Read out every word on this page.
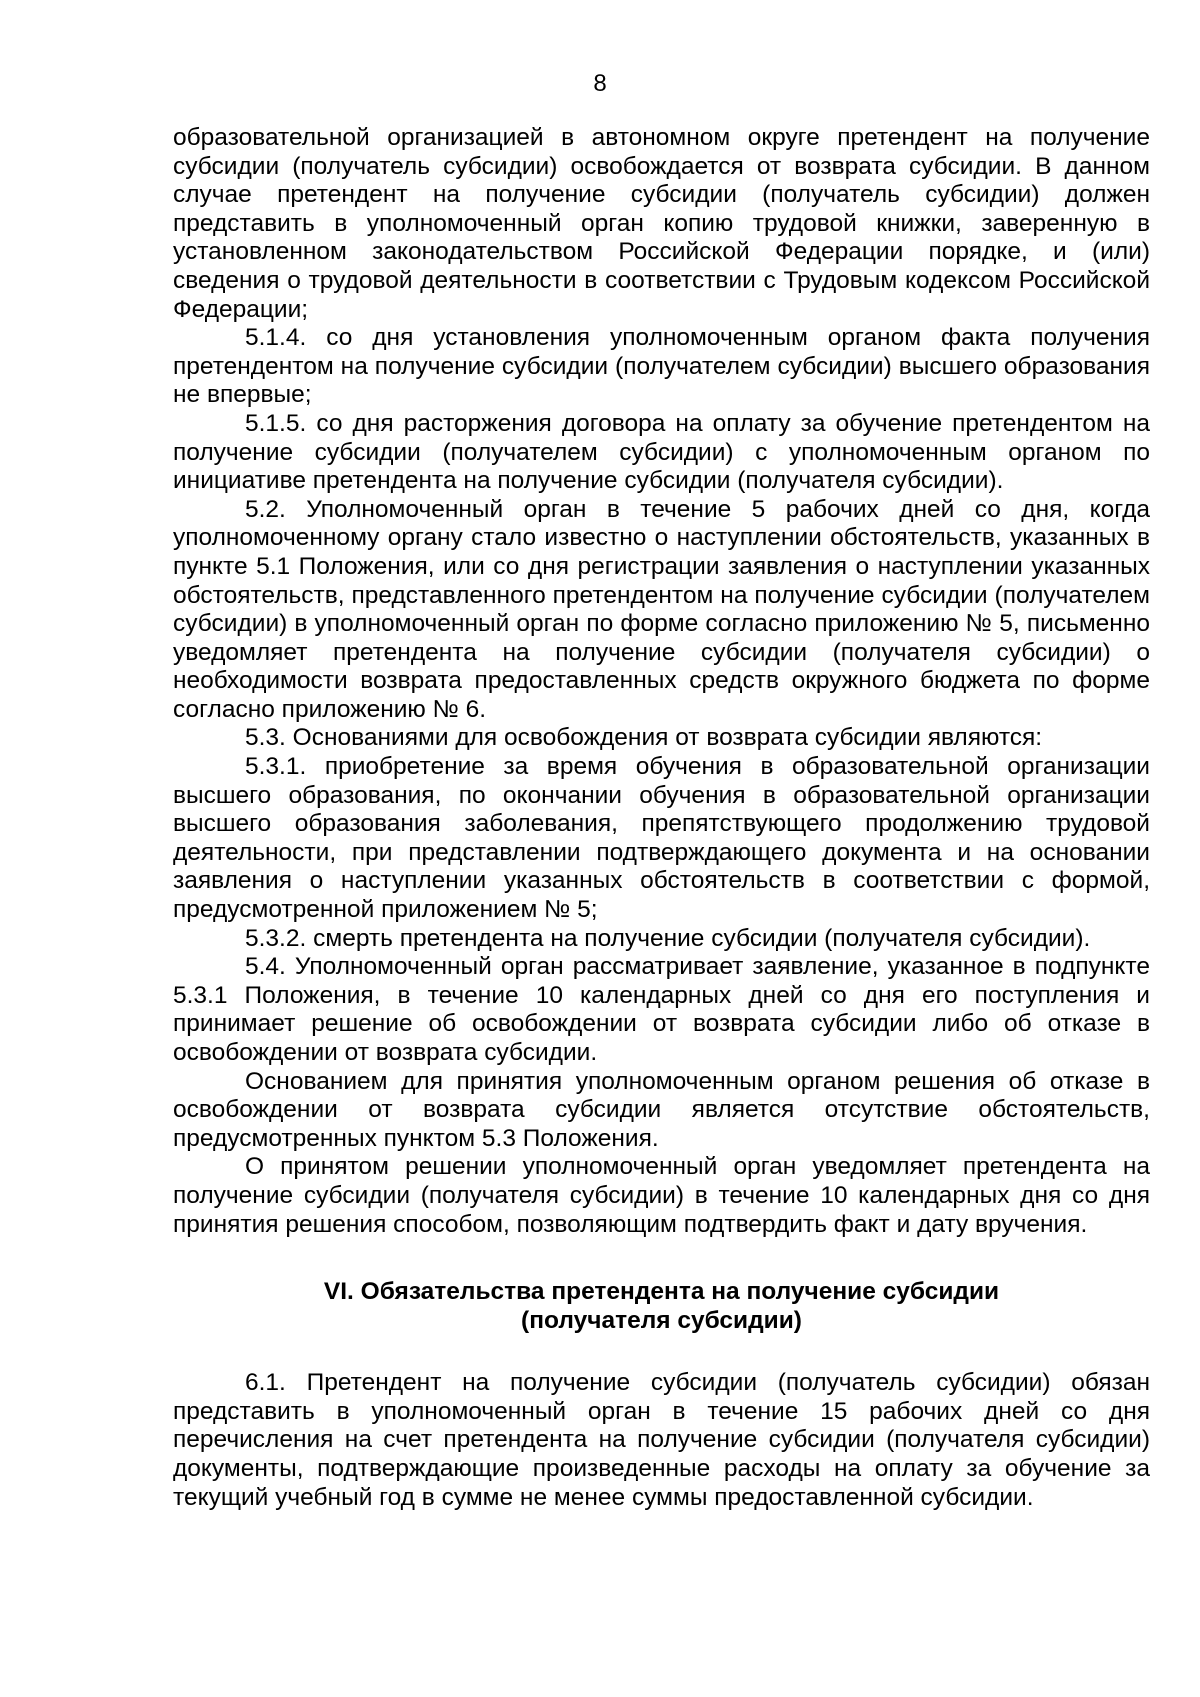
8

образовательной организацией в автономном округе претендент на получение субсидии (получатель субсидии) освобождается от возврата субсидии. В данном случае претендент на получение субсидии (получатель субсидии) должен представить в уполномоченный орган копию трудовой книжки, заверенную в установленном законодательством Российской Федерации порядке, и (или) сведения о трудовой деятельности в соответствии с Трудовым кодексом Российской Федерации;

5.1.4. со дня установления уполномоченным органом факта получения претендентом на получение субсидии (получателем субсидии) высшего образования не впервые;

5.1.5. со дня расторжения договора на оплату за обучение претендентом на получение субсидии (получателем субсидии) с уполномоченным органом по инициативе претендента на получение субсидии (получателя субсидии).

5.2. Уполномоченный орган в течение 5 рабочих дней со дня, когда уполномоченному органу стало известно о наступлении обстоятельств, указанных в пункте 5.1 Положения, или со дня регистрации заявления о наступлении указанных обстоятельств, представленного претендентом на получение субсидии (получателем субсидии) в уполномоченный орган по форме согласно приложению № 5, письменно уведомляет претендента на получение субсидии (получателя субсидии) о необходимости возврата предоставленных средств окружного бюджета по форме согласно приложению № 6.

5.3. Основаниями для освобождения от возврата субсидии являются:

5.3.1. приобретение за время обучения в образовательной организации высшего образования, по окончании обучения в образовательной организации высшего образования заболевания, препятствующего продолжению трудовой деятельности, при представлении подтверждающего документа и на основании заявления о наступлении указанных обстоятельств в соответствии с формой, предусмотренной приложением № 5;

5.3.2. смерть претендента на получение субсидии (получателя субсидии).

5.4. Уполномоченный орган рассматривает заявление, указанное в подпункте 5.3.1 Положения, в течение 10 календарных дней со дня его поступления и принимает решение об освобождении от возврата субсидии либо об отказе в освобождении от возврата субсидии.

Основанием для принятия уполномоченным органом решения об отказе в освобождении от возврата субсидии является отсутствие обстоятельств, предусмотренных пунктом 5.3 Положения.

О принятом решении уполномоченный орган уведомляет претендента на получение субсидии (получателя субсидии) в течение 10 календарных дня со дня принятия решения способом, позволяющим подтвердить факт и дату вручения.

VI. Обязательства претендента на получение субсидии
(получателя субсидии)

6.1. Претендент на получение субсидии (получатель субсидии) обязан представить в уполномоченный орган в течение 15 рабочих дней со дня перечисления на счет претендента на получение субсидии (получателя субсидии) документы, подтверждающие произведенные расходы на оплату за обучение за текущий учебный год в сумме не менее суммы предоставленной субсидии.
